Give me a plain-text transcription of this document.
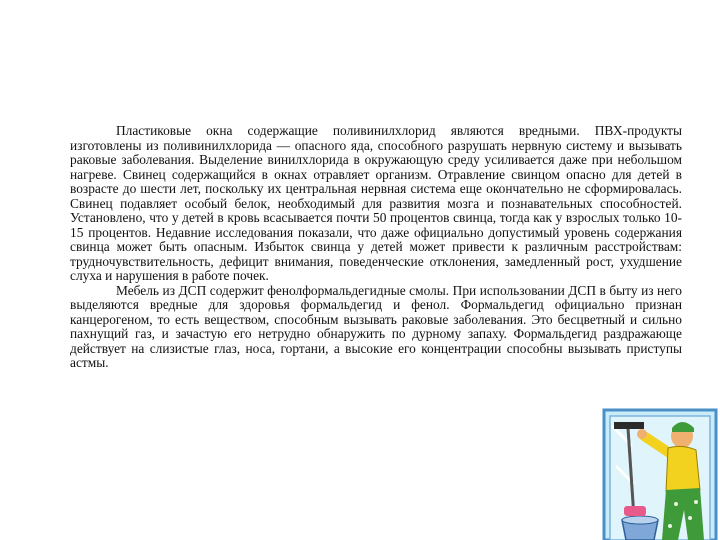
Пластиковые окна содержащие поливинилхлорид являются вредными. ПВХ-продукты изготовлены из поливинилхлорида — опасного яда, способного разрушать нервную систему и вызывать раковые заболевания. Выделение винилхлорида в окружающую среду усиливается даже при небольшом нагреве. Свинец содержащийся в окнах отравляет организм. Отравление свинцом опасно для детей в возрасте до шести лет, поскольку их центральная нервная система еще окончательно не сформировалась. Свинец подавляет особый белок, необходимый для развития мозга и познавательных способностей. Установлено, что у детей в кровь всасывается почти 50 процентов свинца, тогда как у взрослых только 10-15 процентов. Недавние исследования показали, что даже официально допустимый уровень содержания свинца может быть опасным. Избыток свинца у детей может привести к различным расстройствам: трудночувствительность, дефицит внимания, поведенческие отклонения, замедленный рост, ухудшение слуха и нарушения в работе почек.

Мебель из ДСП содержит фенолформальдегидные смолы. При использовании ДСП в быту из него выделяются вредные для здоровья формальдегид и фенол. Формальдегид официально признан канцерогеном, то есть веществом, способным вызывать раковые заболевания. Это бесцветный и сильно пахнущий газ, и зачастую его нетрудно обнаружить по дурному запаху. Формальдегид раздражающе действует на слизистые глаз, носа, гортани, а высокие его концентрации способны вызывать приступы астмы.
